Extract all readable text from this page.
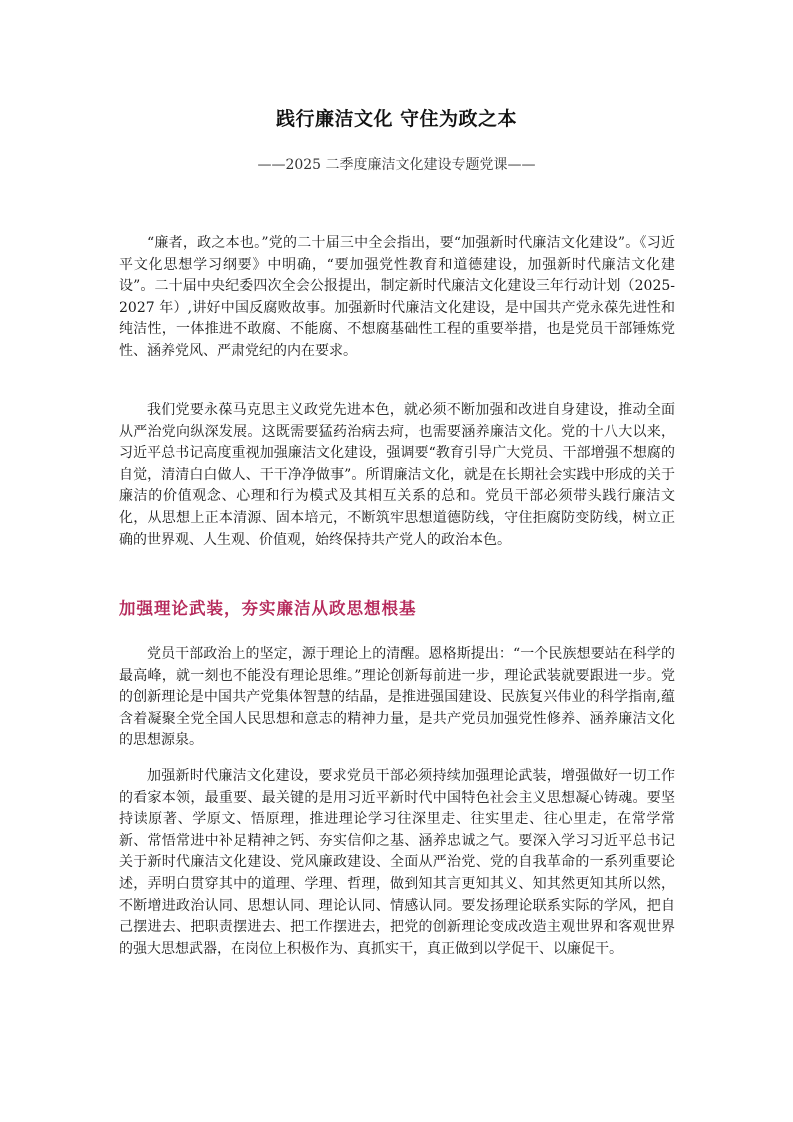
践行廉洁文化 守住为政之本
——2025 二季度廉洁文化建设专题党课——

“廉者，政之本也。”党的二十届三中全会指出，要“加强新时代廉洁文化建设”。《习近平文化思想学习纲要》中明确，“要加强党性教育和道德建设，加强新时代廉洁文化建设”。二十届中央纪委四次全会公报提出，制定新时代廉洁文化建设三年行动计划（2025-2027 年）,讲好中国反腐败故事。加强新时代廉洁文化建设，是中国共产党永葆先进性和纯洁性，一体推进不敢腐、不能腐、不想腐基础性工程的重要举措，也是党员干部锤炼党性、涵养党风、严肃党纪的内在要求。

我们党要永葆马克思主义政党先进本色，就必须不断加强和改进自身建设，推动全面从严治党向纵深发展。这既需要猛药治病去疴，也需要涵养廉洁文化。党的十八大以来，习近平总书记高度重视加强廉洁文化建设，强调要“教育引导广大党员、干部增强不想腐的自觉，清清白白做人、干干净净做事”。所谓廉洁文化，就是在长期社会实践中形成的关于廉洁的价值观念、心理和行为模式及其相互关系的总和。党员干部必须带头践行廉洁文化，从思想上正本清源、固本培元，不断筑牢思想道德防线，守住拒腐防变防线，树立正确的世界观、人生观、价值观，始终保持共产党人的政治本色。

加强理论武装，夯实廉洁从政思想根基

党员干部政治上的坚定，源于理论上的清醒。恩格斯提出：“一个民族想要站在科学的最高峰，就一刻也不能没有理论思维。”理论创新每前进一步，理论武装就要跟进一步。党的创新理论是中国共产党集体智慧的结晶，是推进强国建设、民族复兴伟业的科学指南,蕴含着凝聚全党全国人民思想和意志的精神力量，是共产党员加强党性修养、涵养廉洁文化的思想源泉。

加强新时代廉洁文化建设，要求党员干部必须持续加强理论武装，增强做好一切工作的看家本领，最重要、最关键的是用习近平新时代中国特色社会主义思想凝心铸魂。要坚持读原著、学原文、悟原理，推进理论学习往深里走、往实里走、往心里走，在常学常新、常悟常进中补足精神之钙、夯实信仰之基、涵养忠诚之气。要深入学习习近平总书记关于新时代廉洁文化建设、党风廉政建设、全面从严治党、党的自我革命的一系列重要论述，弄明白贯穿其中的道理、学理、哲理，做到知其言更知其义、知其然更知其所以然，不断增进政治认同、思想认同、理论认同、情感认同。要发扬理论联系实际的学风，把自己摆进去、把职责摆进去、把工作摆进去，把党的创新理论变成改造主观世界和客观世界的强大思想武器，在岗位上积极作为、真抓实干，真正做到以学促干、以廉促干。
